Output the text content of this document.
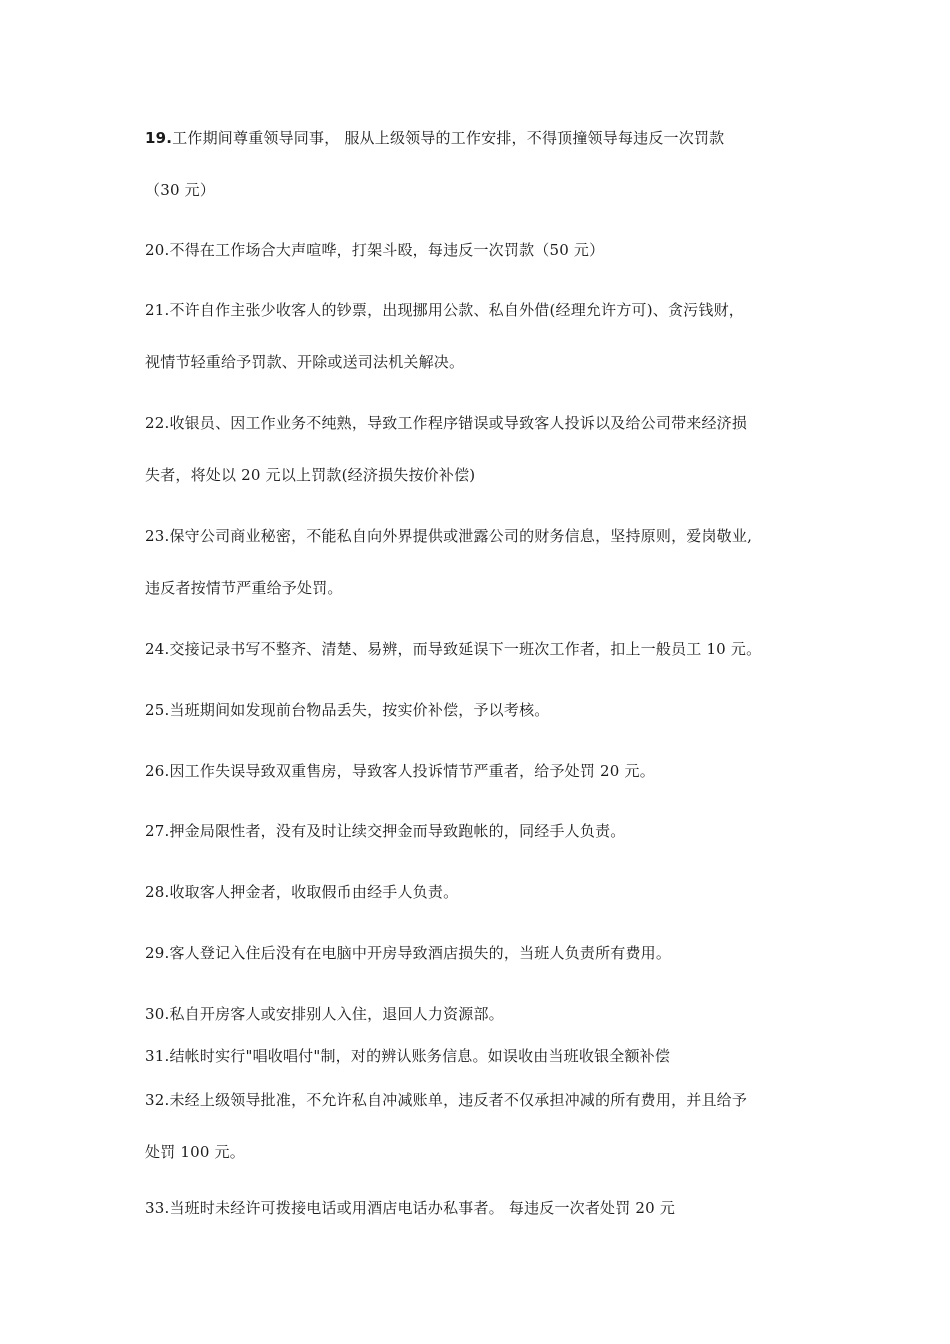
19.工作期间尊重领导同事， 服从上级领导的工作安排，不得顶撞领导每违反一次罚款
（30 元）
20.不得在工作场合大声喧哗，打架斗殴，每违反一次罚款（50 元）
21.不许自作主张少收客人的钞票，出现挪用公款、私自外借(经理允许方可)、贪污钱财，
视情节轻重给予罚款、开除或送司法机关解决。
22.收银员、因工作业务不纯熟，导致工作程序错误或导致客人投诉以及给公司带来经济损
失者，将处以 20 元以上罚款(经济损失按价补偿)
23.保守公司商业秘密，不能私自向外界提供或泄露公司的财务信息，坚持原则，爱岗敬业,
违反者按情节严重给予处罚。
24.交接记录书写不整齐、清楚、易辨，而导致延误下一班次工作者，扣上一般员工 10 元。
25.当班期间如发现前台物品丢失，按实价补偿，予以考核。
26.因工作失误导致双重售房，导致客人投诉情节严重者，给予处罚 20 元。
27.押金局限性者，没有及时让续交押金而导致跑帐的，同经手人负责。
28.收取客人押金者，收取假币由经手人负责。
29.客人登记入住后没有在电脑中开房导致酒店损失的，当班人负责所有费用。
30.私自开房客人或安排别人入住，退回人力资源部。
31.结帐时实行"唱收唱付"制，对的辨认账务信息。如误收由当班收银全额补偿
32.未经上级领导批准，不允许私自冲减账单，违反者不仅承担冲减的所有费用，并且给予
处罚 100 元。
33.当班时未经许可拨接电话或用酒店电话办私事者。 每违反一次者处罚 20 元
